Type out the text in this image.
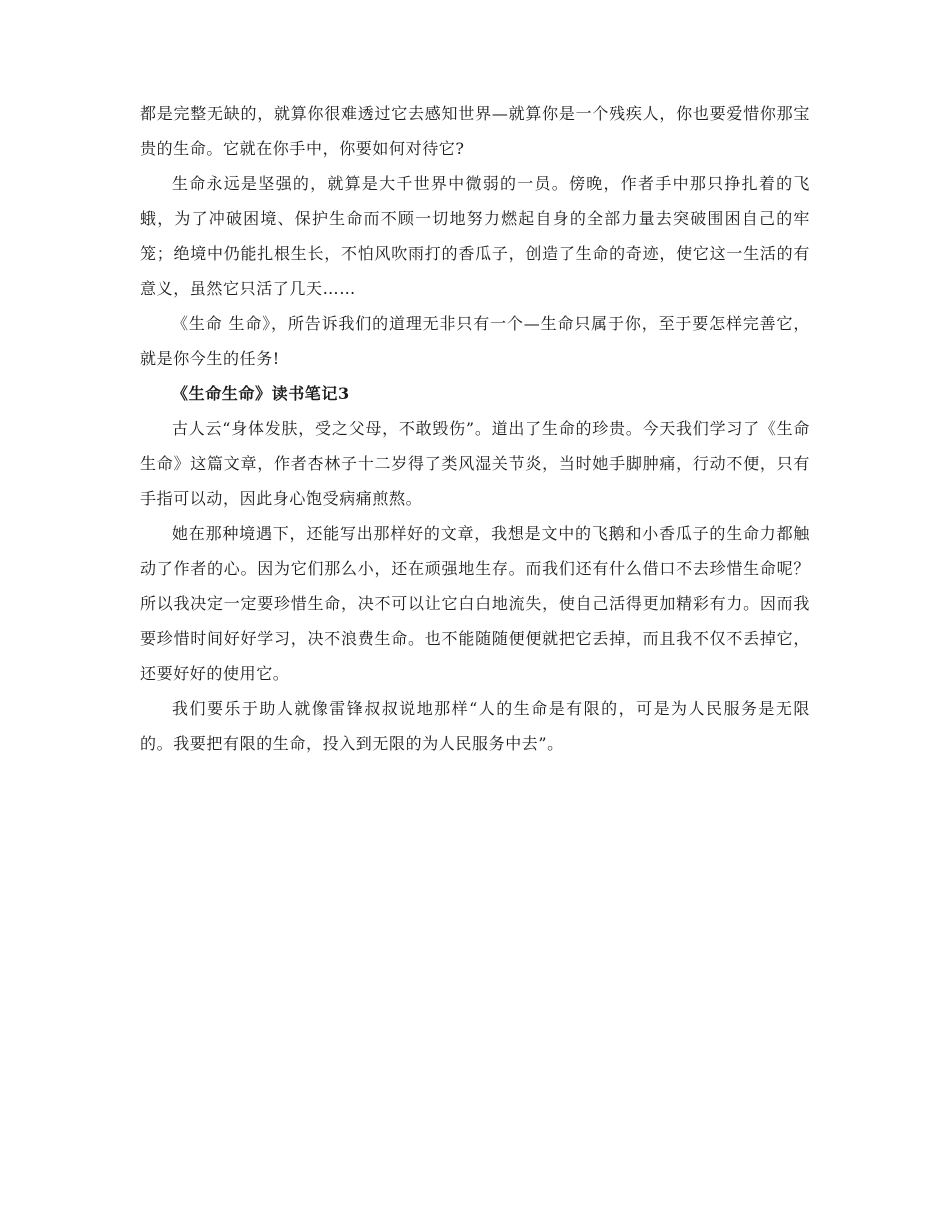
都是完整无缺的，就算你很难透过它去感知世界—就算你是一个残疾人，你也要爱惜你那宝贵的生命。它就在你手中，你要如何对待它?

生命永远是坚强的，就算是大千世界中微弱的一员。傍晚，作者手中那只挣扎着的飞蛾，为了冲破困境、保护生命而不顾一切地努力燃起自身的全部力量去突破围困自己的牢笼；绝境中仍能扎根生长，不怕风吹雨打的香瓜子，创造了生命的奇迹，使它这一生活的有意义，虽然它只活了几天……

《生命 生命》，所告诉我们的道理无非只有一个—生命只属于你，至于要怎样完善它，就是你今生的任务!

《生命生命》读书笔记3

古人云“身体发肤，受之父母，不敢毁伤”。道出了生命的珍贵。今天我们学习了《生命生命》这篇文章，作者杏林子十二岁得了类风湿关节炎，当时她手脚肿痛，行动不便，只有手指可以动，因此身心饱受病痛煎熬。

她在那种境遇下，还能写出那样好的文章，我想是文中的飞鹅和小香瓜子的生命力都触动了作者的心。因为它们那么小，还在顽强地生存。而我们还有什么借口不去珍惜生命呢？所以我决定一定要珍惜生命，决不可以让它白白地流失，使自己活得更加精彩有力。因而我要珍惜时间好好学习，决不浪费生命。也不能随随便便就把它丢掉，而且我不仅不丢掉它，还要好好的使用它。

我们要乐于助人就像雷锋叔叔说地那样“人的生命是有限的，可是为人民服务是无限的。我要把有限的生命，投入到无限的为人民服务中去”。
